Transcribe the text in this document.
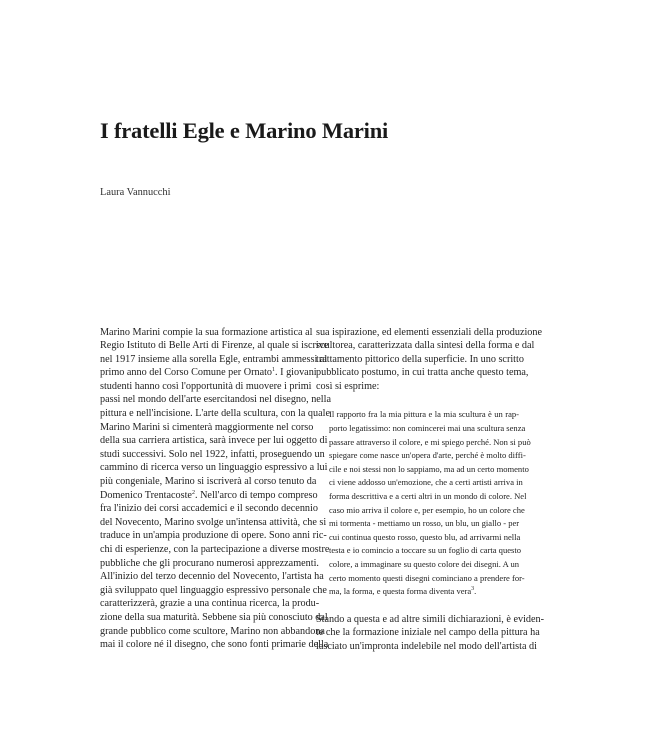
I fratelli Egle e Marino Marini

Laura Vannucchi

Marino Marini compie la sua formazione artistica al
Regio Istituto di Belle Arti di Firenze, al quale si iscrive
nel 1917 insieme alla sorella Egle, entrambi ammessi al
primo anno del Corso Comune per Ornato$^1$. I giovani
studenti hanno così l'opportunità di muovere i primi
passi nel mondo dell'arte esercitandosi nel disegno, nella
pittura e nell'incisione. L'arte della scultura, con la quale
Marino Marini si cimenterà maggiormente nel corso
della sua carriera artistica, sarà invece per lui oggetto di
studi successivi. Solo nel 1922, infatti, proseguendo un
cammino di ricerca verso un linguaggio espressivo a lui
più congeniale, Marino si iscriverà al corso tenuto da
Domenico Trentacoste$^2$. Nell'arco di tempo compreso
fra l'inizio dei corsi accademici e il secondo decennio
del Novecento, Marino svolge un'intensa attività, che si
traduce in un'ampia produzione di opere. Sono anni ric-
chi di esperienze, con la partecipazione a diverse mostre
pubbliche che gli procurano numerosi apprezzamenti.
All'inizio del terzo decennio del Novecento, l'artista ha
già sviluppato quel linguaggio espressivo personale che
caratterizzerà, grazie a una continua ricerca, la produ-
zione della sua maturità. Sebbene sia più conosciuto dal
grande pubblico come scultore, Marino non abbandona
mai il colore né il disegno, che sono fonti primarie della
sua ispirazione, ed elementi essenziali della produzione
scultorea, caratterizzata dalla sintesi della forma e dal
trattamento pittorico della superficie. In uno scritto
pubblicato postumo, in cui tratta anche questo tema,
così si esprime:
Il rapporto fra la mia pittura e la mia scultura è un rap-
porto legatissimo: non comincerei mai una scultura senza
passare attraverso il colore, e mi spiego perché. Non si può
spiegare come nasce un'opera d'arte, perché è molto diffi-
cile e noi stessi non lo sappiamo, ma ad un certo momento
ci viene addosso un'emozione, che a certi artisti arriva in
forma descrittiva e a certi altri in un mondo di colore. Nel
caso mio arriva il colore e, per esempio, ho un colore che
mi tormenta - mettiamo un rosso, un blu, un giallo - per
cui continua questo rosso, questo blu, ad arrivarmi nella
testa e io comincio a toccare su un foglio di carta questo
colore, a immaginare su questo colore dei disegni. A un
certo momento questi disegni cominciano a prendere for-
ma, la forma, e questa forma diventa vera$^3$.
Stando a questa e ad altre simili dichiarazioni, è eviden-
te che la formazione iniziale nel campo della pittura ha
lasciato un'impronta indelebile nel modo dell'artista di
